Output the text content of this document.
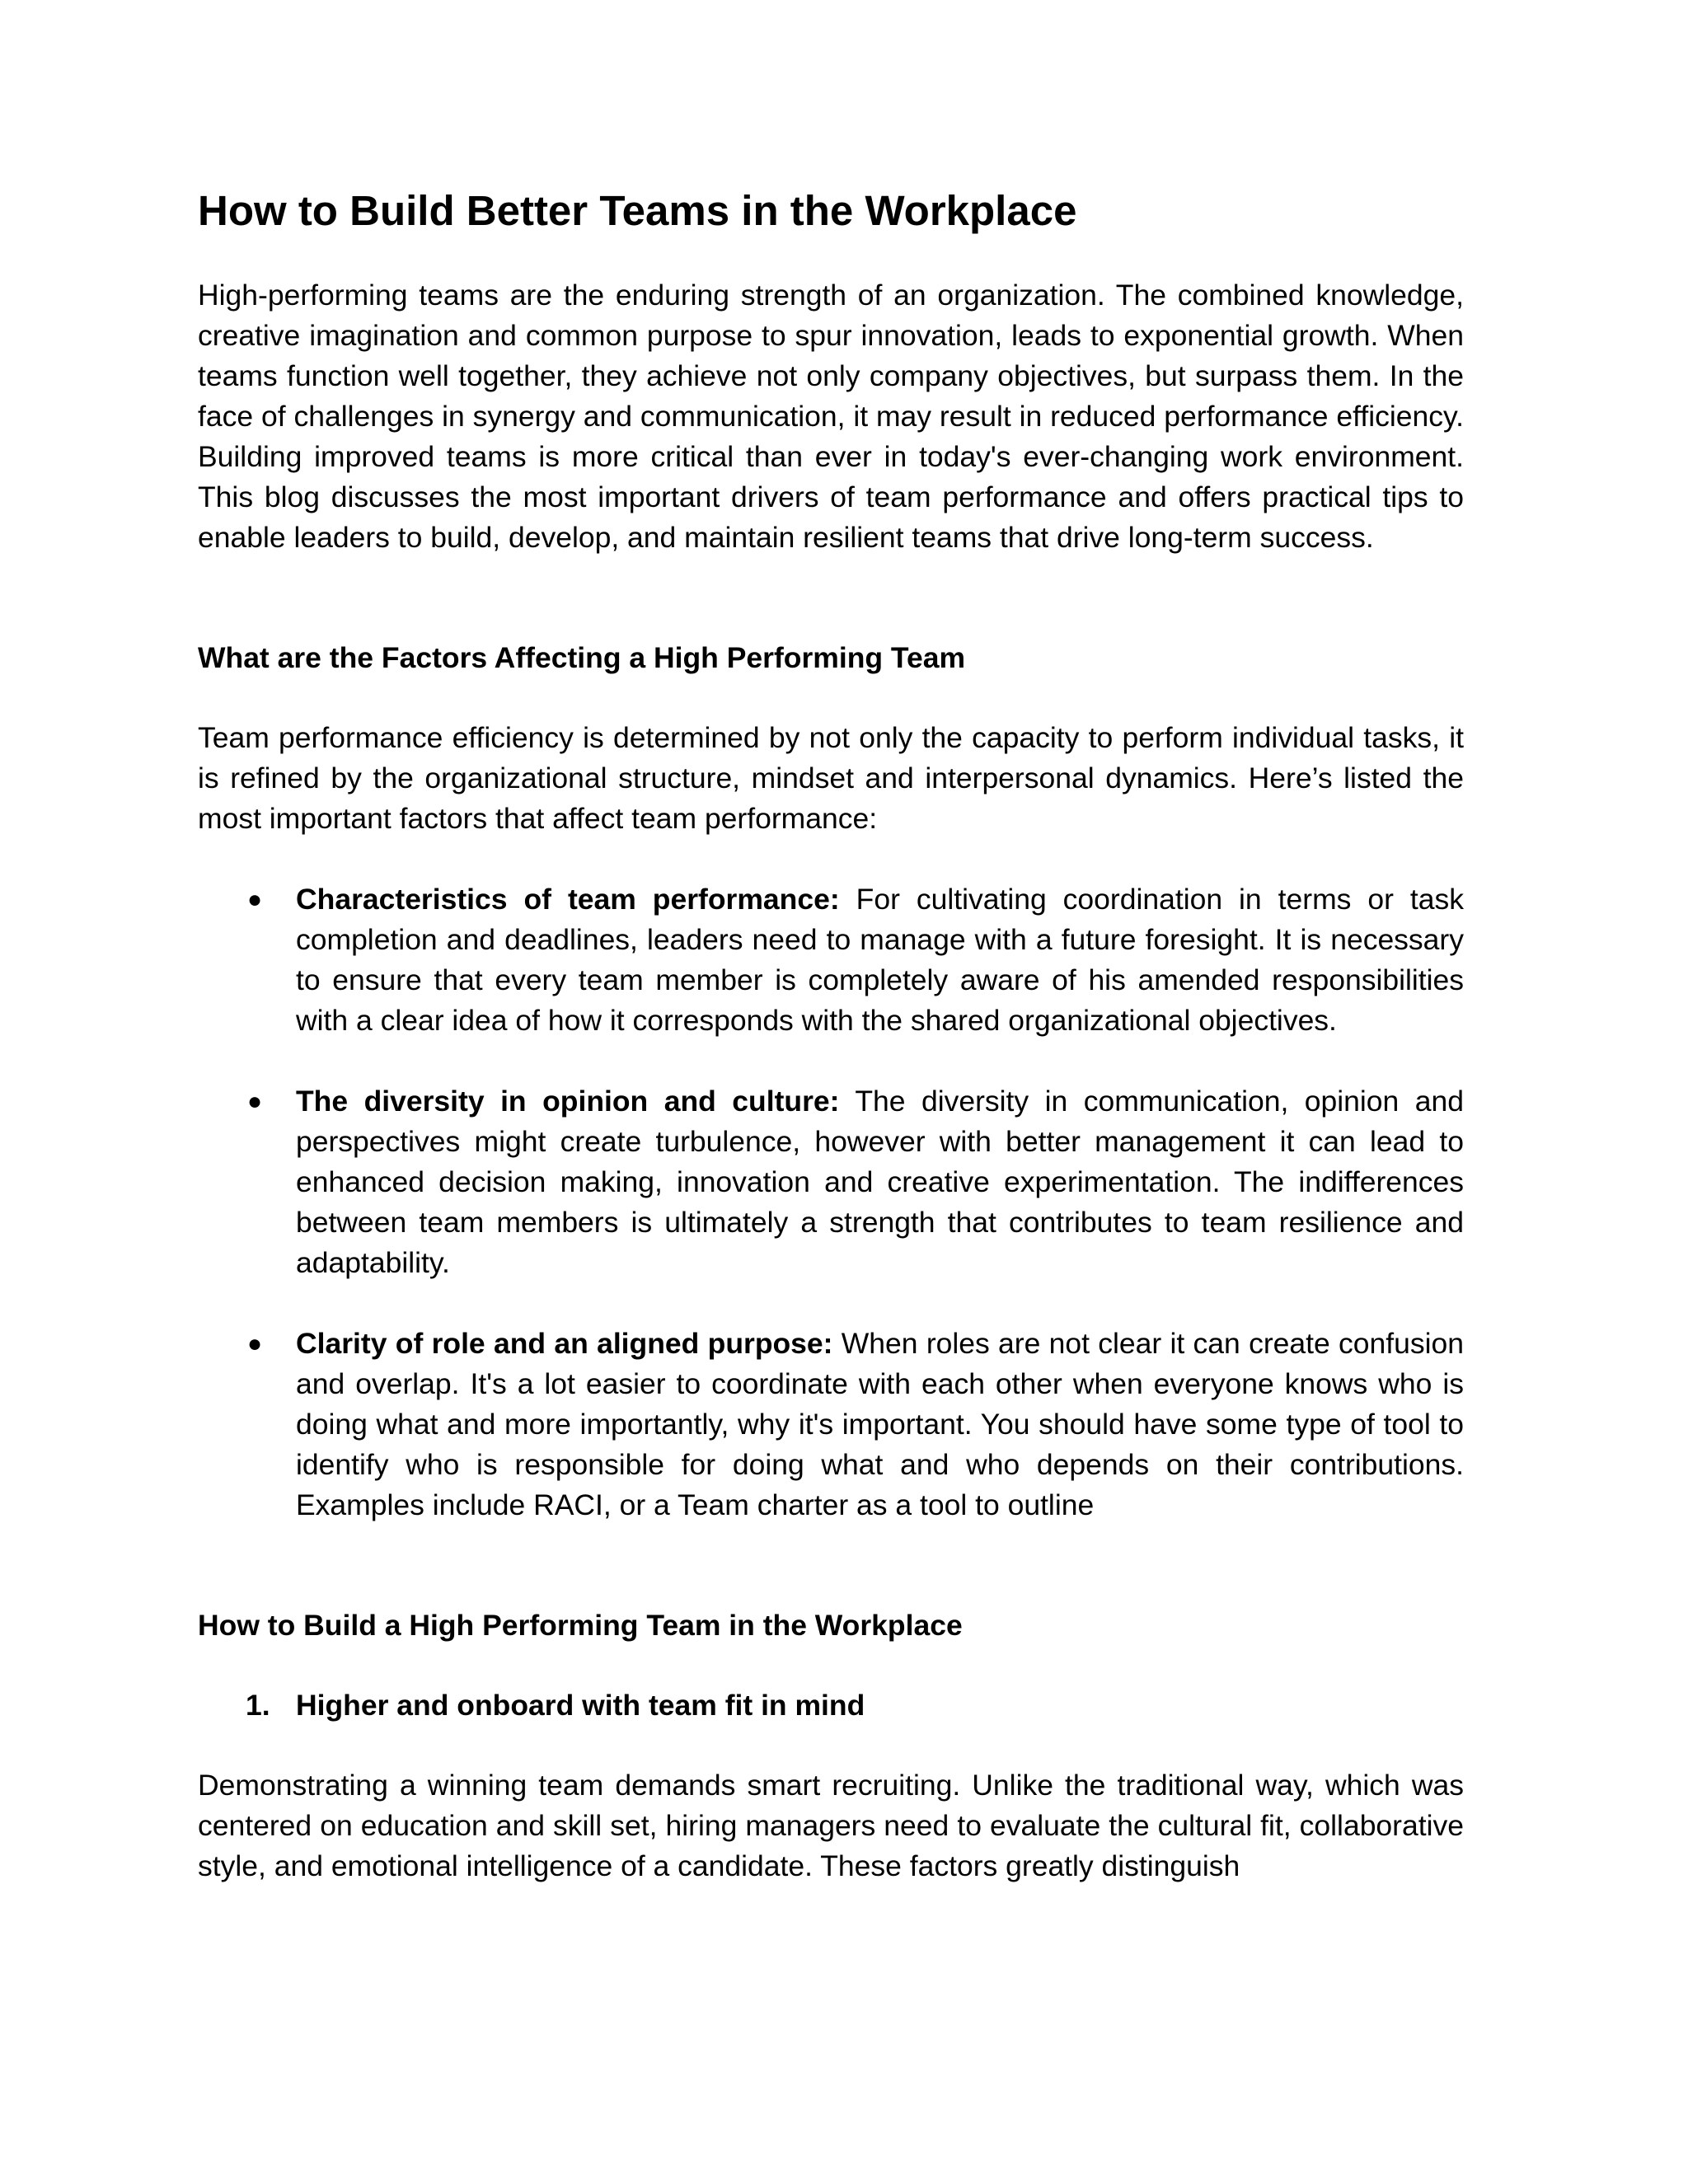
How to Build Better Teams in the Workplace

High-performing teams are the enduring strength of an organization. The combined knowledge, creative imagination and common purpose to spur innovation, leads to exponential growth. When teams function well together, they achieve not only company objectives, but surpass them. In the face of challenges in synergy and communication, it may result in reduced performance efficiency. Building improved teams is more critical than ever in today's ever-changing work environment. This blog discusses the most important drivers of team performance and offers practical tips to enable leaders to build, develop, and maintain resilient teams that drive long-term success.

What are the Factors Affecting a High Performing Team

Team performance efficiency is determined by not only the capacity to perform individual tasks, it is refined by the organizational structure, mindset and interpersonal dynamics. Here’s listed the most important factors that affect team performance:

● Characteristics of team performance: For cultivating coordination in terms or task completion and deadlines, leaders need to manage with a future foresight. It is necessary to ensure that every team member is completely aware of his amended responsibilities with a clear idea of how it corresponds with the shared organizational objectives.
● The diversity in opinion and culture: The diversity in communication, opinion and perspectives might create turbulence, however with better management it can lead to enhanced decision making, innovation and creative experimentation. The indifferences between team members is ultimately a strength that contributes to team resilience and adaptability.
● Clarity of role and an aligned purpose: When roles are not clear it can create confusion and overlap. It's a lot easier to coordinate with each other when everyone knows who is doing what and more importantly, why it's important. You should have some type of tool to identify who is responsible for doing what and who depends on their contributions. Examples include RACI, or a Team charter as a tool to outline
How to Build a High Performing Team in the Workplace
1. Higher and onboard with team fit in mind

Demonstrating a winning team demands smart recruiting. Unlike the traditional way, which was centered on education and skill set, hiring managers need to evaluate the cultural fit, collaborative style, and emotional intelligence of a candidate. These factors greatly distinguish
